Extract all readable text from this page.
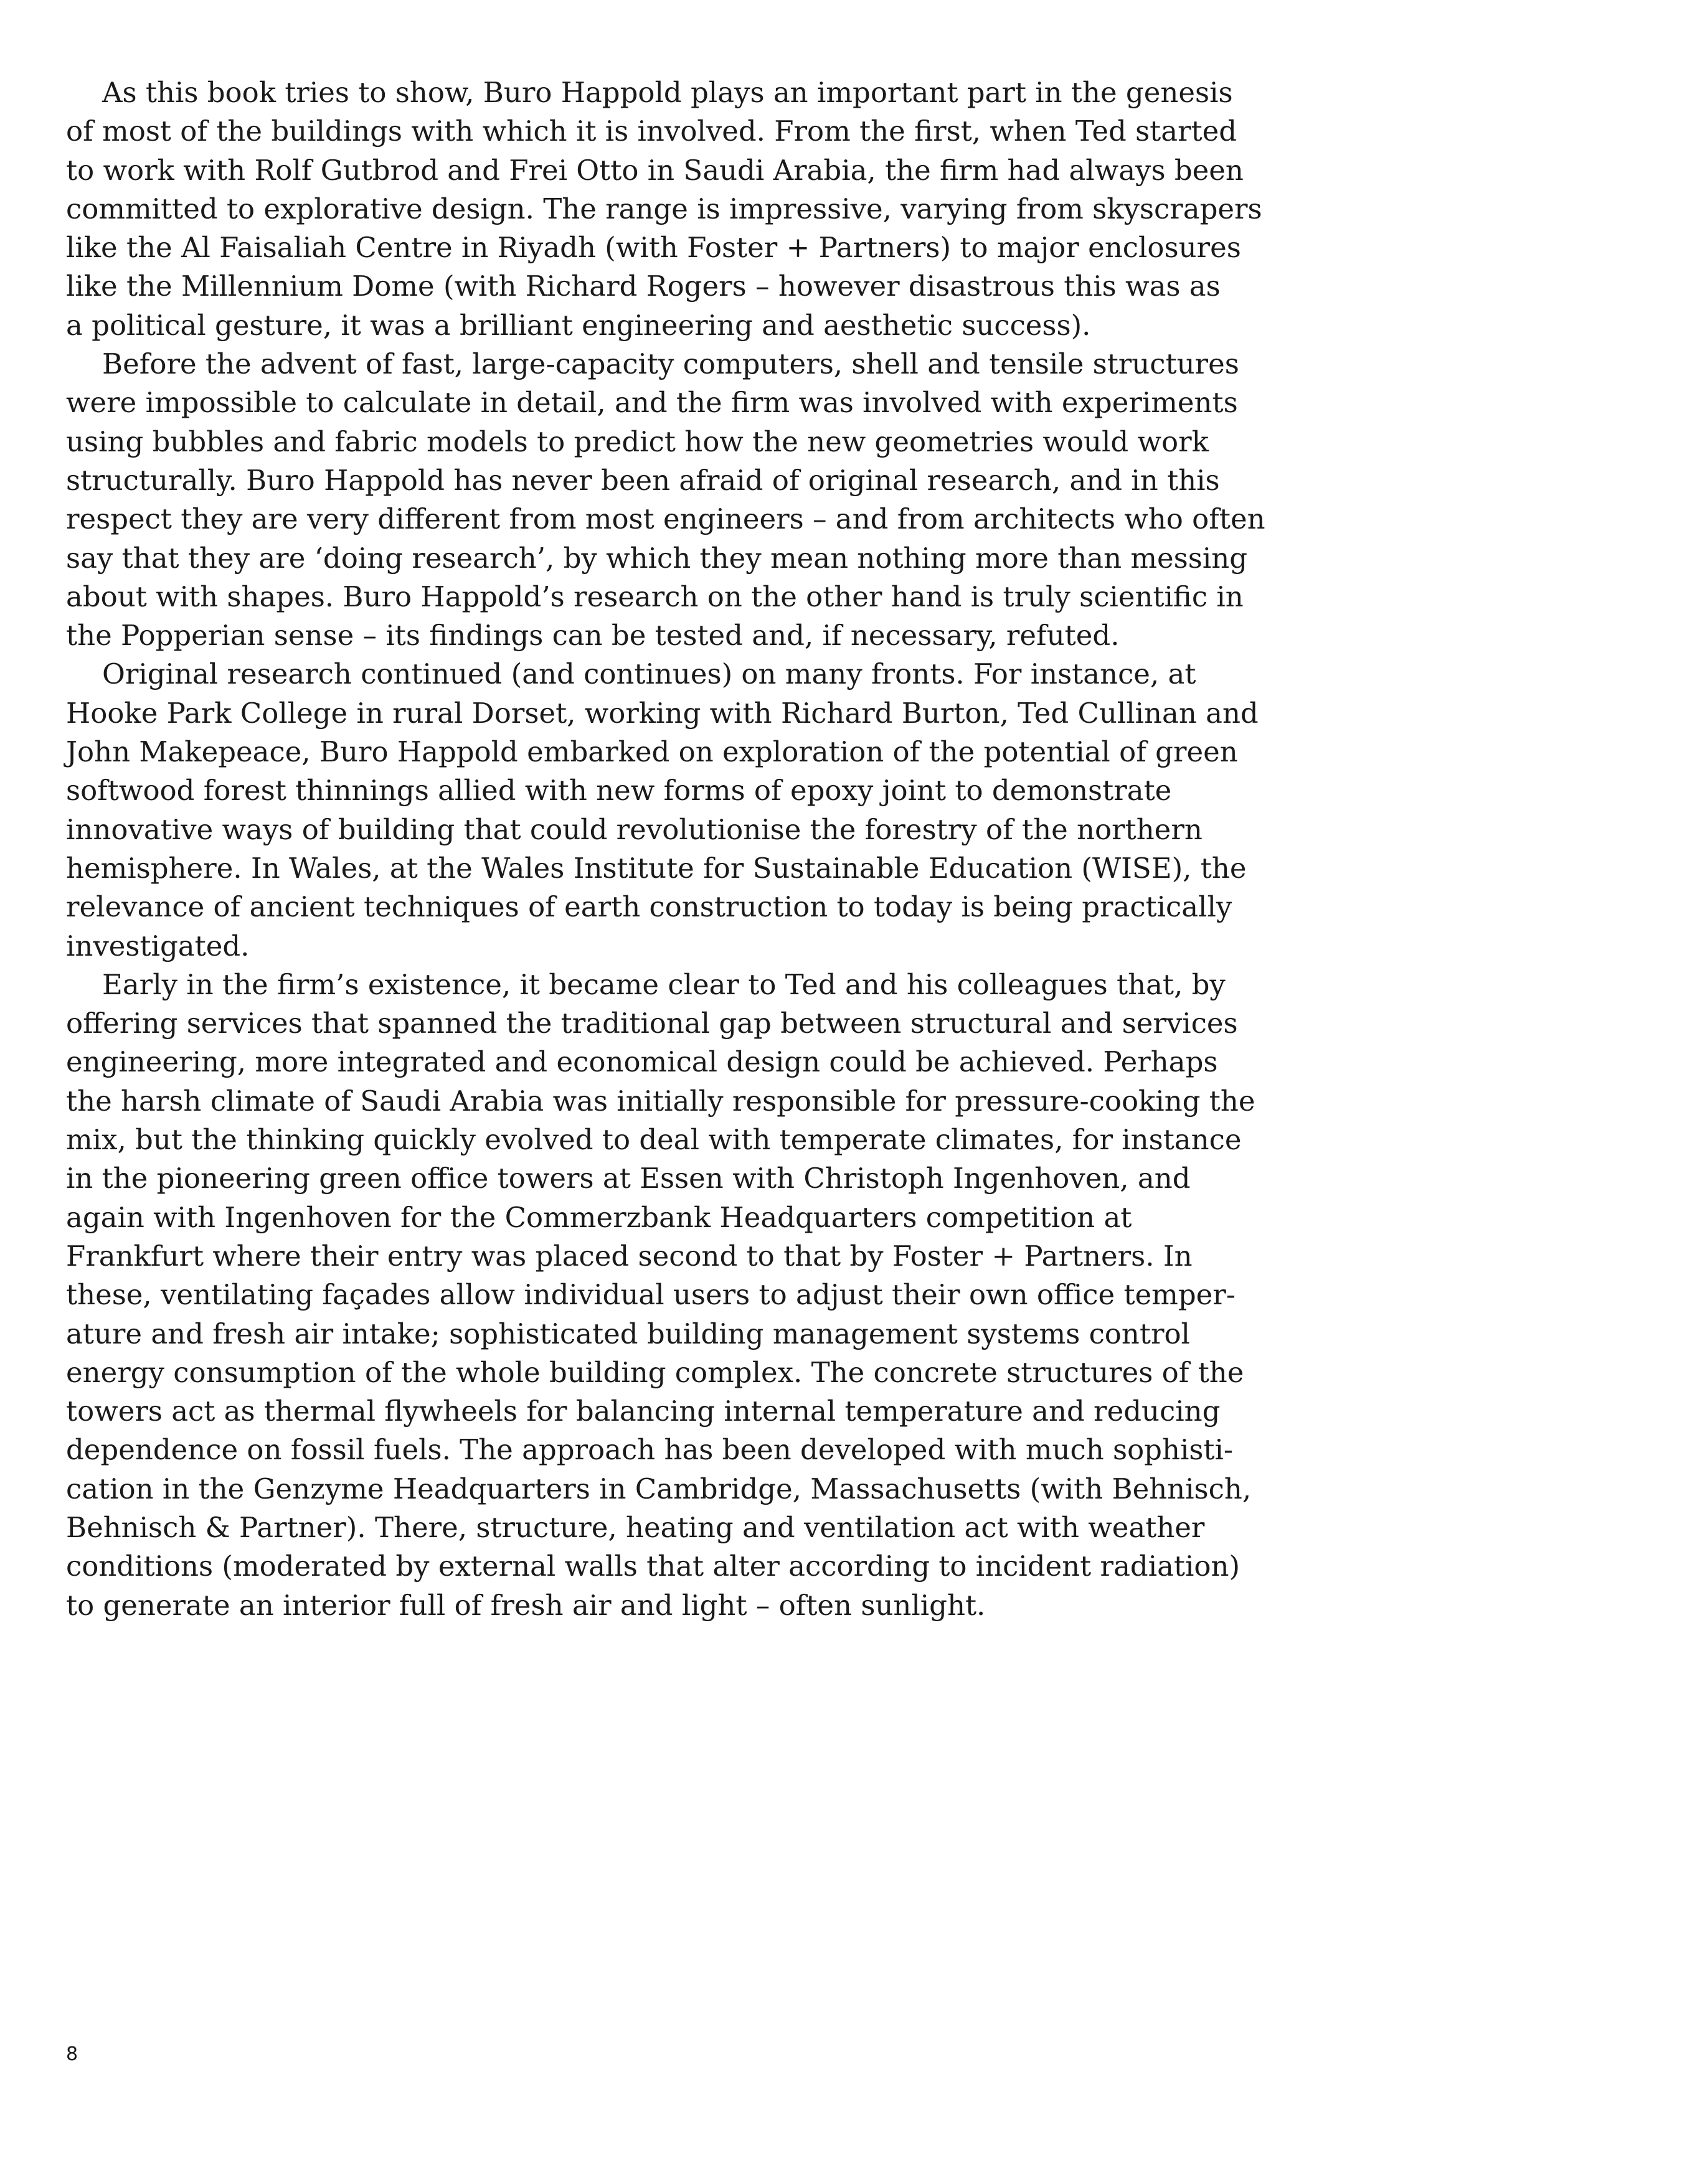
As this book tries to show, Buro Happold plays an important part in the genesis
of most of the buildings with which it is involved. From the first, when Ted started
to work with Rolf Gutbrod and Frei Otto in Saudi Arabia, the firm had always been
committed to explorative design. The range is impressive, varying from skyscrapers
like the Al Faisaliah Centre in Riyadh (with Foster + Partners) to major enclosures
like the Millennium Dome (with Richard Rogers – however disastrous this was as
a political gesture, it was a brilliant engineering and aesthetic success).

Before the advent of fast, large-capacity computers, shell and tensile structures
were impossible to calculate in detail, and the firm was involved with experiments
using bubbles and fabric models to predict how the new geometries would work
structurally. Buro Happold has never been afraid of original research, and in this
respect they are very different from most engineers – and from architects who often
say that they are ‘doing research’, by which they mean nothing more than messing
about with shapes. Buro Happold’s research on the other hand is truly scientific in
the Popperian sense – its findings can be tested and, if necessary, refuted.

Original research continued (and continues) on many fronts. For instance, at
Hooke Park College in rural Dorset, working with Richard Burton, Ted Cullinan and
John Makepeace, Buro Happold embarked on exploration of the potential of green
softwood forest thinnings allied with new forms of epoxy joint to demonstrate
innovative ways of building that could revolutionise the forestry of the northern
hemisphere. In Wales, at the Wales Institute for Sustainable Education (WISE), the
relevance of ancient techniques of earth construction to today is being practically
investigated.

Early in the firm’s existence, it became clear to Ted and his colleagues that, by
offering services that spanned the traditional gap between structural and services
engineering, more integrated and economical design could be achieved. Perhaps
the harsh climate of Saudi Arabia was initially responsible for pressure-cooking the
mix, but the thinking quickly evolved to deal with temperate climates, for instance
in the pioneering green office towers at Essen with Christoph Ingenhoven, and
again with Ingenhoven for the Commerzbank Headquarters competition at
Frankfurt where their entry was placed second to that by Foster + Partners. In
these, ventilating façades allow individual users to adjust their own office temper-
ature and fresh air intake; sophisticated building management systems control
energy consumption of the whole building complex. The concrete structures of the
towers act as thermal flywheels for balancing internal temperature and reducing
dependence on fossil fuels. The approach has been developed with much sophisti-
cation in the Genzyme Headquarters in Cambridge, Massachusetts (with Behnisch,
Behnisch & Partner). There, structure, heating and ventilation act with weather
conditions (moderated by external walls that alter according to incident radiation)
to generate an interior full of fresh air and light – often sunlight.

8
